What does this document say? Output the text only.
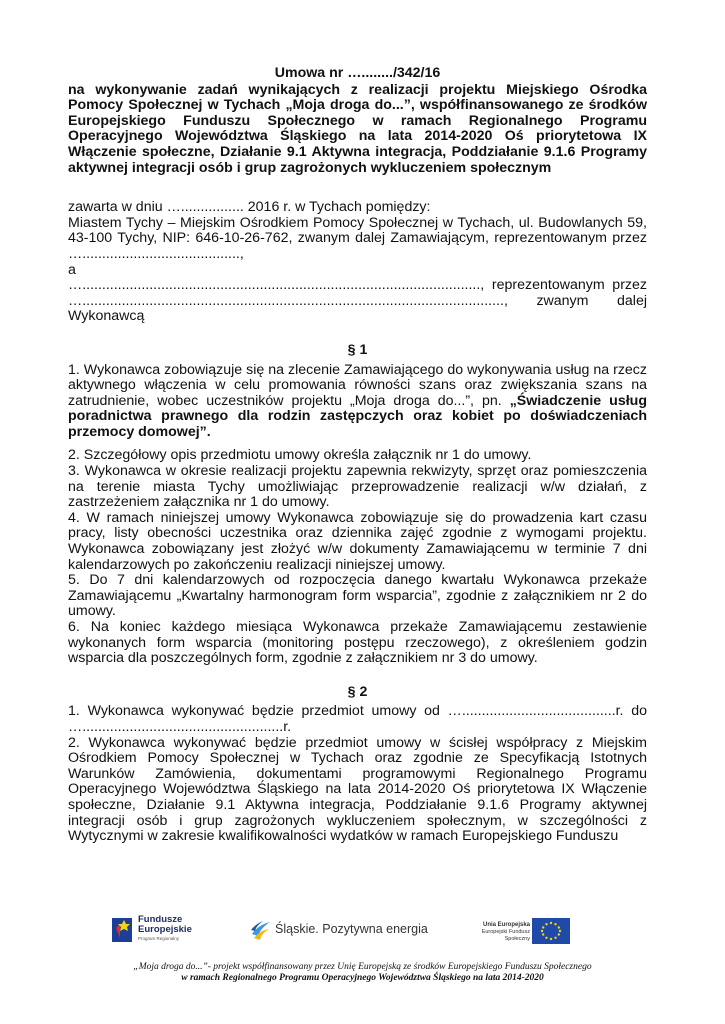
Umowa nr …......../342/16

na wykonywanie zadań wynikających z realizacji projektu Miejskiego Ośrodka Pomocy Społecznej w Tychach „Moja droga do...”, współfinansowanego ze środków Europejskiego Funduszu Społecznego w ramach Regionalnego Programu Operacyjnego Województwa Śląskiego na lata 2014-2020 Oś priorytetowa IX Włączenie społeczne, Działanie 9.1 Aktywna integracja, Poddziałanie 9.1.6 Programy aktywnej integracji osób i grup zagrożonych wykluczeniem społecznym

zawarta w dniu …................ 2016 r. w Tychach pomiędzy:

Miastem Tychy – Miejskim Ośrodkiem Pomocy Społecznej w Tychach, ul. Budowlanych 59, 43-100 Tychy, NIP: 646-10-26-762, zwanym dalej Zamawiającym, reprezentowanym przez …........................................,

a

…....................................................................................................., reprezentowanym przez …..........................................................................................................., zwanym dalej Wykonawcą

§ 1

1. Wykonawca zobowiązuje się na zlecenie Zamawiającego do wykonywania usług na rzecz aktywnego włączenia w celu promowania równości szans oraz zwiększania szans na zatrudnienie, wobec uczestników projektu „Moja droga do...”, pn. „Świadczenie usług poradnictwa prawnego dla rodzin zastępczych oraz kobiet po doświadczeniach przemocy domowej”.

2. Szczegółowy opis przedmiotu umowy określa załącznik nr 1 do umowy.

3. Wykonawca w okresie realizacji projektu zapewnia rekwizyty, sprzęt oraz pomieszczenia na terenie miasta Tychy umożliwiając przeprowadzenie realizacji w/w działań, z zastrzeżeniem załącznika nr 1 do umowy.

4. W ramach niniejszej umowy Wykonawca zobowiązuje się do prowadzenia kart czasu pracy, listy obecności uczestnika oraz dziennika zajęć zgodnie z wymogami projektu. Wykonawca zobowiązany jest złożyć w/w dokumenty Zamawiającemu w terminie 7 dni kalendarzowych po zakończeniu realizacji niniejszej umowy.

5. Do 7 dni kalendarzowych od rozpoczęcia danego kwartału Wykonawca przekaże Zamawiającemu „Kwartalny harmonogram form wsparcia”, zgodnie z załącznikiem nr 2 do umowy.

6. Na koniec każdego miesiąca Wykonawca przekaże Zamawiającemu zestawienie wykonanych form wsparcia (monitoring postępu rzeczowego), z określeniem godzin wsparcia dla poszczególnych form, zgodnie z załącznikiem nr 3 do umowy.

§ 2

1. Wykonawca wykonywać będzie przedmiot umowy od ….......................................r. do …...................................................r.

2. Wykonawca wykonywać będzie przedmiot umowy w ścisłej współpracy z Miejskim Ośrodkiem Pomocy Społecznej w Tychach oraz zgodnie ze Specyfikacją Istotnych Warunków Zamówienia, dokumentami programowymi Regionalnego Programu Operacyjnego Województwa Śląskiego na lata 2014-2020 Oś priorytetowa IX Włączenie społeczne, Działanie 9.1 Aktywna integracja, Poddziałanie 9.1.6 Programy aktywnej integracji osób i grup zagrożonych wykluczeniem społecznym, w szczególności z Wytycznymi w zakresie kwalifikowalności wydatków w ramach Europejskiego Funduszu

Fundusze
Europejskie
Program Regionalny
Śląskie. Pozytywna energia	Unia Europejska
Europejski Fundusz Społeczny
„Moja droga do...”- projekt współfinansowany przez Unię Europejską ze środków Europejskiego Funduszu Społecznego
w ramach Regionalnego Programu Operacyjnego Województwa Śląskiego na lata 2014-2020
